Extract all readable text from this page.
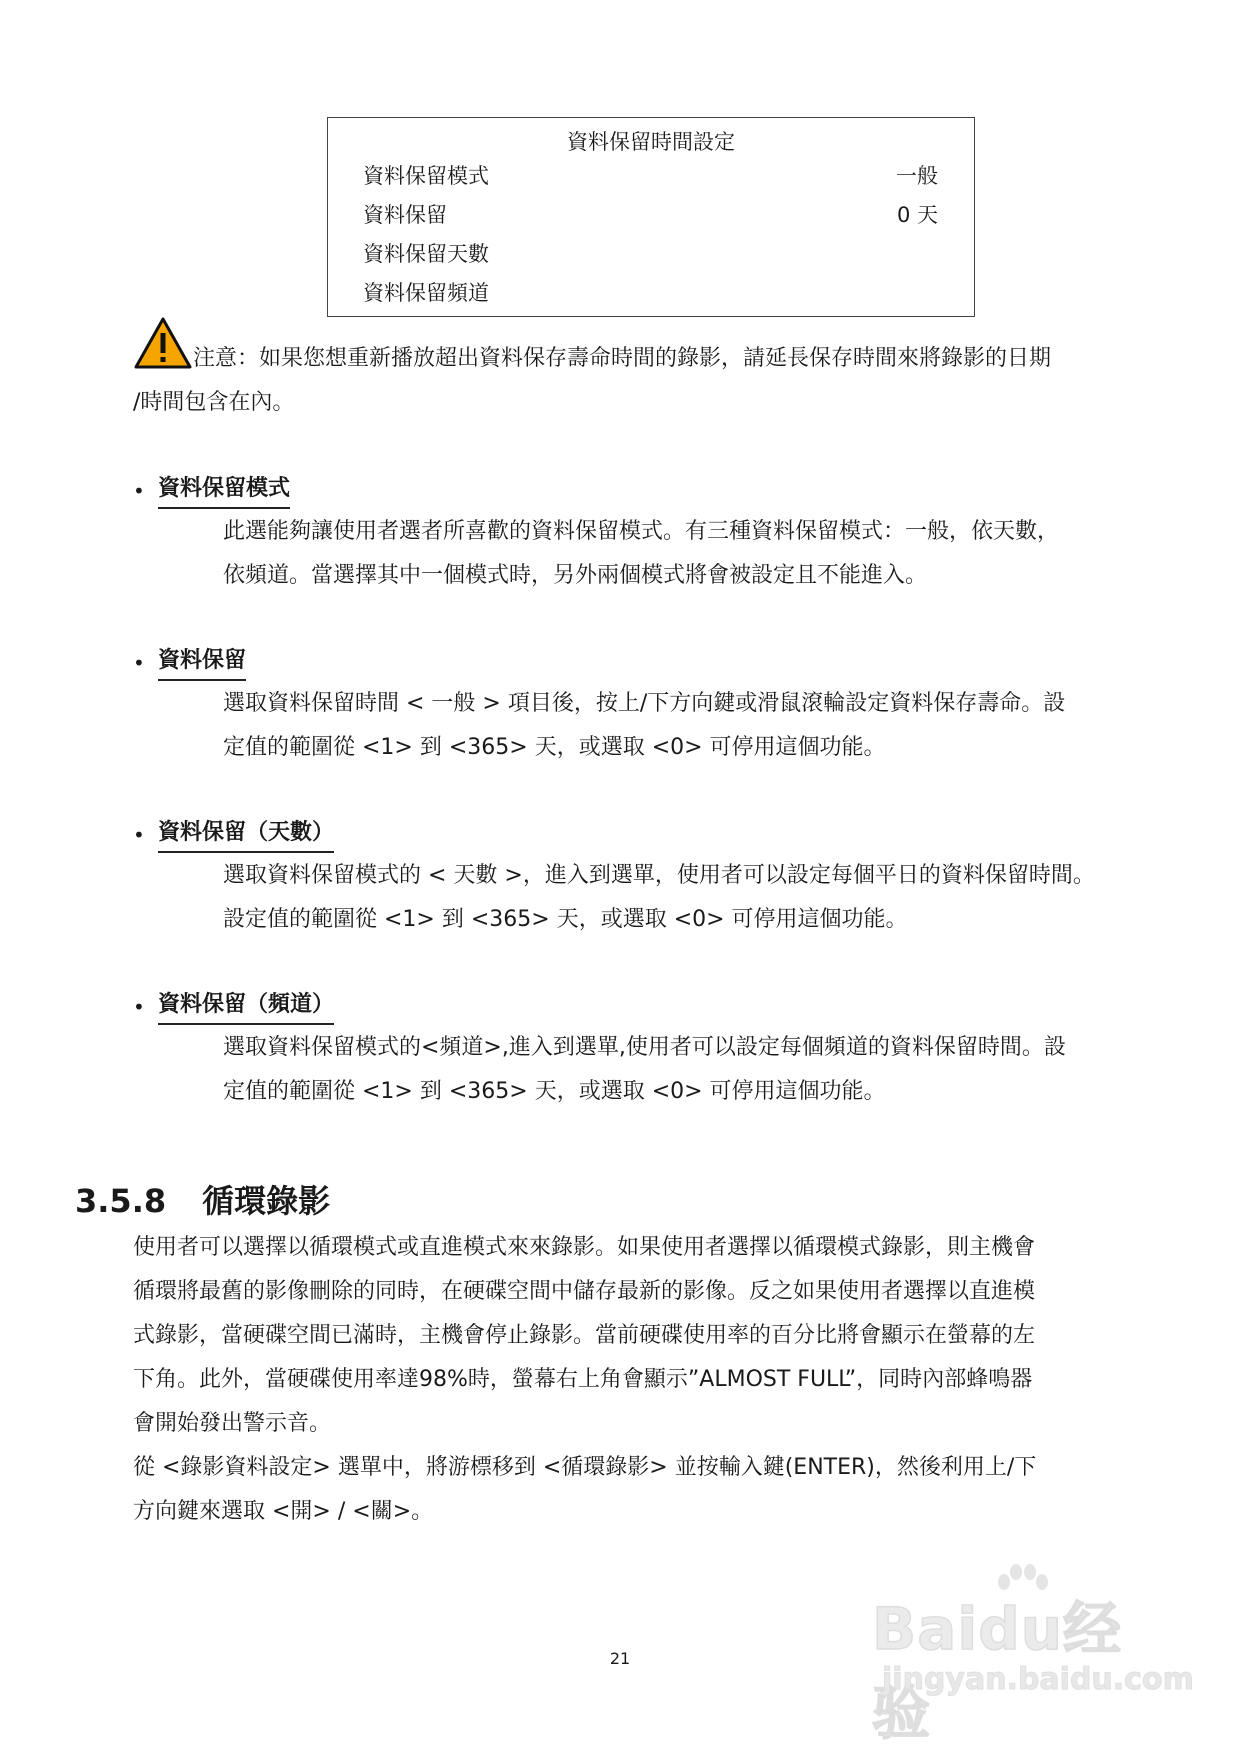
資料保留時間設定
資料保留模式	一般
資料保留	0 天
資料保留天數
資料保留頻道
注意：如果您想重新播放超出資料保存壽命時間的錄影，請延長保存時間來將錄影的日期
/時間包含在內。
• 資料保留模式
此選能夠讓使用者選者所喜歡的資料保留模式。有三種資料保留模式：一般，依天數，
依頻道。當選擇其中一個模式時，另外兩個模式將會被設定且不能進入。
• 資料保留
選取資料保留時間 < 一般 > 項目後，按上/下方向鍵或滑鼠滾輪設定資料保存壽命。設
定值的範圍從 <1> 到 <365> 天，或選取 <0> 可停用這個功能。
• 資料保留（天數）
選取資料保留模式的 < 天數 >，進入到選單，使用者可以設定每個平日的資料保留時間。
設定值的範圍從 <1> 到 <365> 天，或選取 <0> 可停用這個功能。
• 資料保留（頻道）
選取資料保留模式的<頻道>,進入到選單,使用者可以設定每個頻道的資料保留時間。設
定值的範圍從 <1> 到 <365> 天，或選取 <0> 可停用這個功能。
3.5.8 循環錄影
使用者可以選擇以循環模式或直進模式來來錄影。如果使用者選擇以循環模式錄影，則主機會
循環將最舊的影像刪除的同時，在硬碟空間中儲存最新的影像。反之如果使用者選擇以直進模
式錄影，當硬碟空間已滿時，主機會停止錄影。當前硬碟使用率的百分比將會顯示在螢幕的左
下角。此外，當硬碟使用率達98%時，螢幕右上角會顯示”ALMOST FULL”，同時內部蜂鳴器
會開始發出警示音。
從 <錄影資料設定> 選單中，將游標移到 <循環錄影> 並按輸入鍵(ENTER)，然後利用上/下
方向鍵來選取 <開> / <關>。
21	Baidu经验
jingyan.baidu.com
